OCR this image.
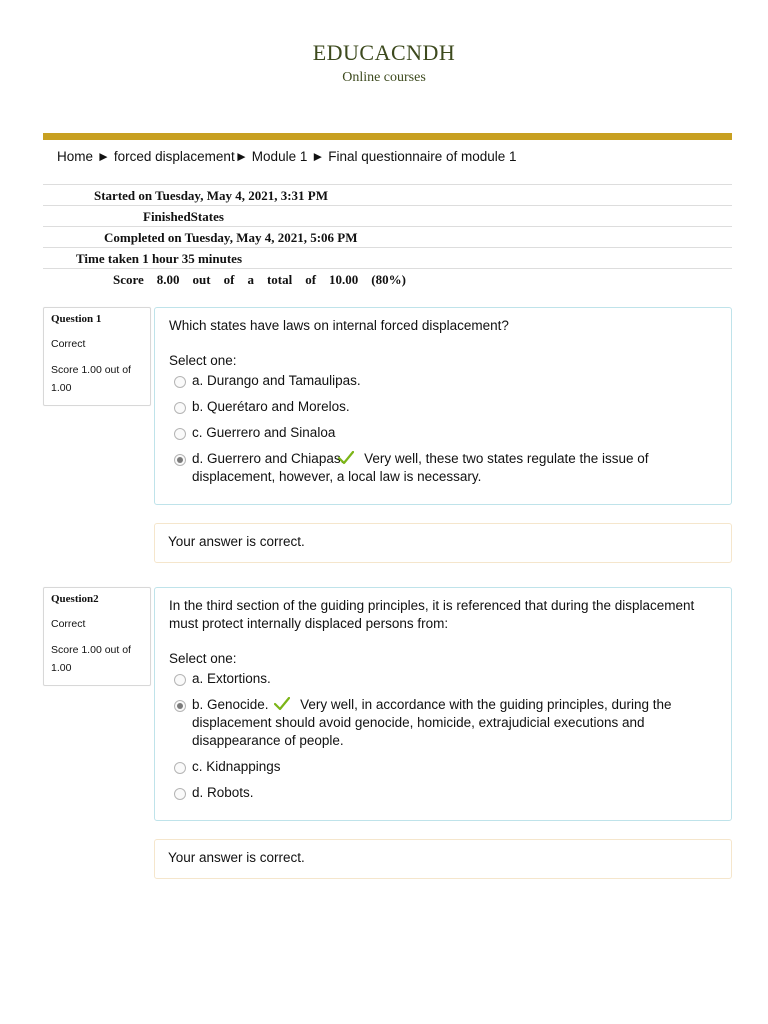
EDUCACNDH
Online courses
Home ► forced displacement► Module 1 ► Final questionnaire of module 1
Started on Tuesday, May 4, 2021, 3:31 PM
FinishedStates
Completed on Tuesday, May 4, 2021, 5:06 PM
Time taken 1 hour 35 minutes
Score    8.00    out    of    a    total    of    10.00    (80%)
Question 1
Correct
Score 1.00 out of 1.00
Which states have laws on internal forced displacement?
Select one:
a. Durango and Tamaulipas.
b. Querétaro and Morelos.
c. Guerrero and Sinaloa
d. Guerrero and Chiapas. Very well, these two states regulate the issue of displacement, however, a local law is necessary.
Your answer is correct.
Question2
Correct
Score 1.00 out of 1.00
In the third section of the guiding principles, it is referenced that during the displacement must protect internally displaced persons from:
Select one:
a. Extortions.
b. Genocide. Very well, in accordance with the guiding principles, during the displacement should avoid genocide, homicide, extrajudicial executions and disappearance of people.
c. Kidnappings
d. Robots.
Your answer is correct.
